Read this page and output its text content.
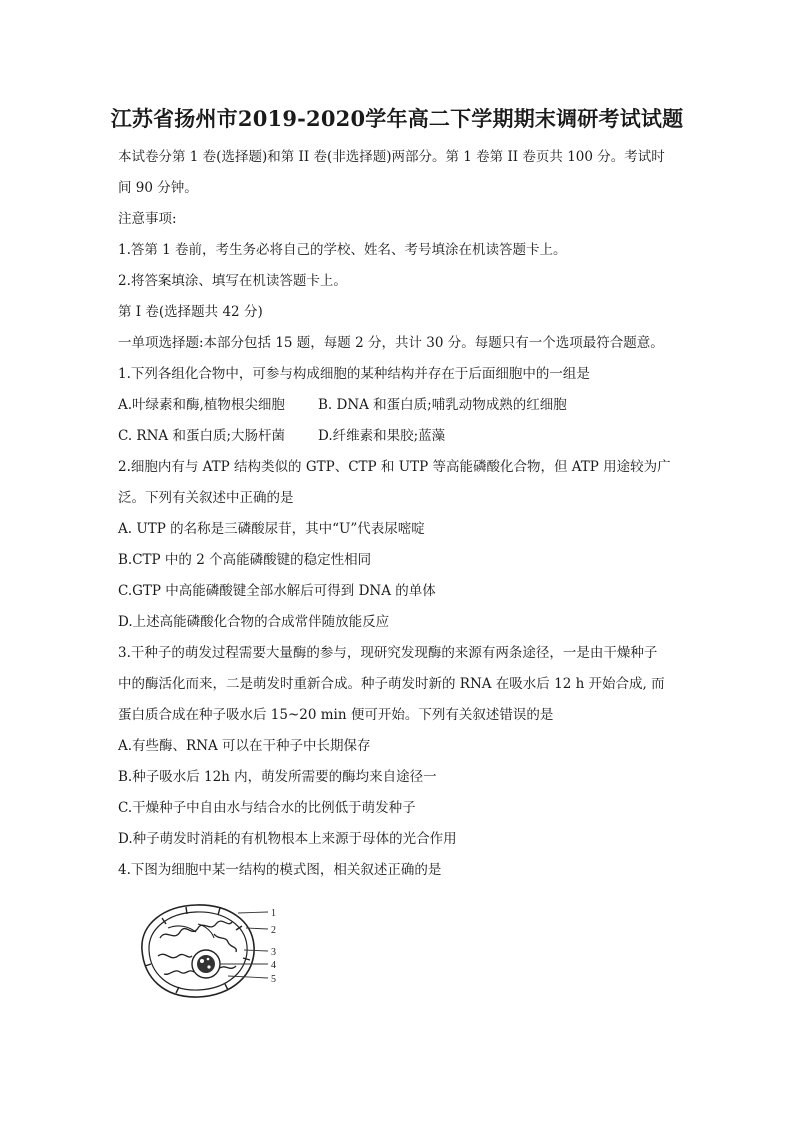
江苏省扬州市2019-2020学年高二下学期期末调研考试试题
本试卷分第 1 卷(选择题)和第 II 卷(非选择题)两部分。第 1 卷第 II 卷页共 100 分。考试时
间 90 分钟。
注意事项:
1.答第 1 卷前，考生务必将自己的学校、姓名、考号填涂在机读答题卡上。
2.将答案填涂、填写在机读答题卡上。
第 I 卷(选择题共 42 分)
一单项选择题:本部分包括 15 题，每题 2 分，共计 30 分。每题只有一个选项最符合题意。
1.下列各组化合物中，可参与构成细胞的某种结构并存在于后面细胞中的一组是
A.叶绿素和酶,植物根尖细胞 B. DNA 和蛋白质;哺乳动物成熟的红细胞
C. RNA 和蛋白质;大肠杆菌 D.纤维素和果胶;蓝藻
2.细胞内有与 ATP 结构类似的 GTP、CTP 和 UTP 等高能磷酸化合物，但 ATP 用途较为广
泛。下列有关叙述中正确的是
A. UTP 的名称是三磷酸尿苷，其中“U”代表尿嘧啶
B.CTP 中的 2 个高能磷酸键的稳定性相同
C.GTP 中高能磷酸键全部水解后可得到 DNA 的单体
D.上述高能磷酸化合物的合成常伴随放能反应
3.干种子的萌发过程需要大量酶的参与，现研究发现酶的来源有两条途径，一是由干燥种子
中的酶活化而来，二是萌发时重新合成。种子萌发时新的 RNA 在吸水后 12 h 开始合成, 而
蛋白质合成在种子吸水后 15~20 min 便可开始。下列有关叙述错误的是
A.有些酶、RNA 可以在干种子中长期保存
B.种子吸水后 12h 内，萌发所需要的酶均来自途径一
C.干燥种子中自由水与结合水的比例低于萌发种子
D.种子萌发时消耗的有机物根本上来源于母体的光合作用
4.下图为细胞中某一结构的模式图，相关叙述正确的是
1
2
3
4
5
